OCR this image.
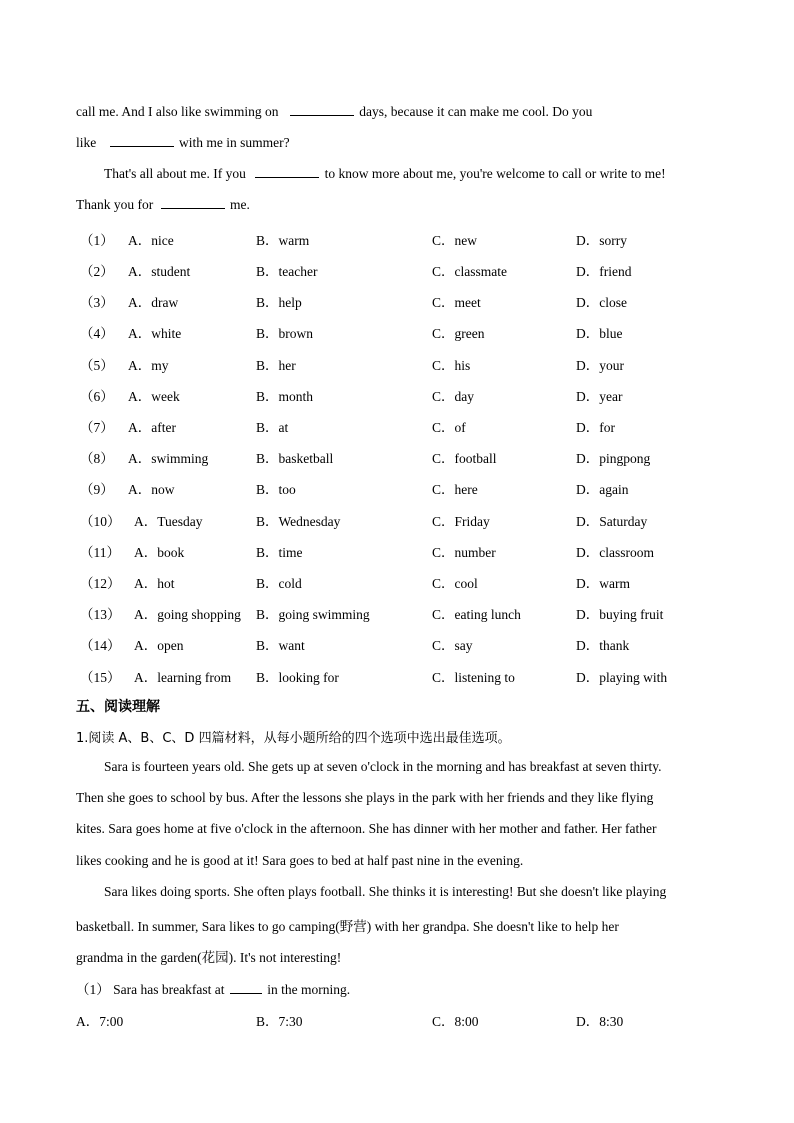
call me. And I also like swimming on	days, because it can make me cool. Do you
like	with me in summer?
That's all about me. If you	to know more about me, you're welcome to call or write to me!
Thank you for	me.
（1） A．nice	B．warm	C．new	D．sorry
（2） A．student	B．teacher	C．classmate	D．friend
（3） A．draw	B．help	C．meet	D．close
（4） A．white	B．brown	C．green	D．blue
（5） A．my	B．her	C．his	D．your
（6） A．week	B．month	C．day	D．year
（7） A．after	B．at	C．of	D．for
（8） A．swimming	B．basketball	C．football	D．pingpong
（9） A．now	B．too	C．here	D．again
（10） A．Tuesday	B．Wednesday	C．Friday	D．Saturday
（11） A．book	B．time	C．number	D．classroom
（12） A．hot	B．cold	C．cool	D．warm
（13） A．going shopping B．going swimming	C．eating lunch	D．buying fruit
（14） A．open	B．want	C．say	D．thank
（15） A．learning from B．looking for	C．listening to	D．playing with
五、阅读理解
1.阅读 A、B、C、D 四篇材料，从每小题所给的四个选项中选出最佳选项。
Sara is fourteen years old. She gets up at seven o'clock in the morning and has breakfast at seven thirty.
Then she goes to school by bus. After the lessons she plays in the park with her friends and they like flying
kites. Sara goes home at five o'clock in the afternoon. She has dinner with her mother and father. Her father
likes cooking and he is good at it! Sara goes to bed at half past nine in the evening.
Sara likes doing sports. She often plays football. She thinks it is interesting! But she doesn't like playing
basketball. In summer, Sara likes to go camping(野营) with her grandpa. She doesn't like to help her
grandma in the garden(花园). It's not interesting!
（1） Sara has breakfast at	in the morning.
A．7:00	B．7:30	C．8:00	D．8:30
